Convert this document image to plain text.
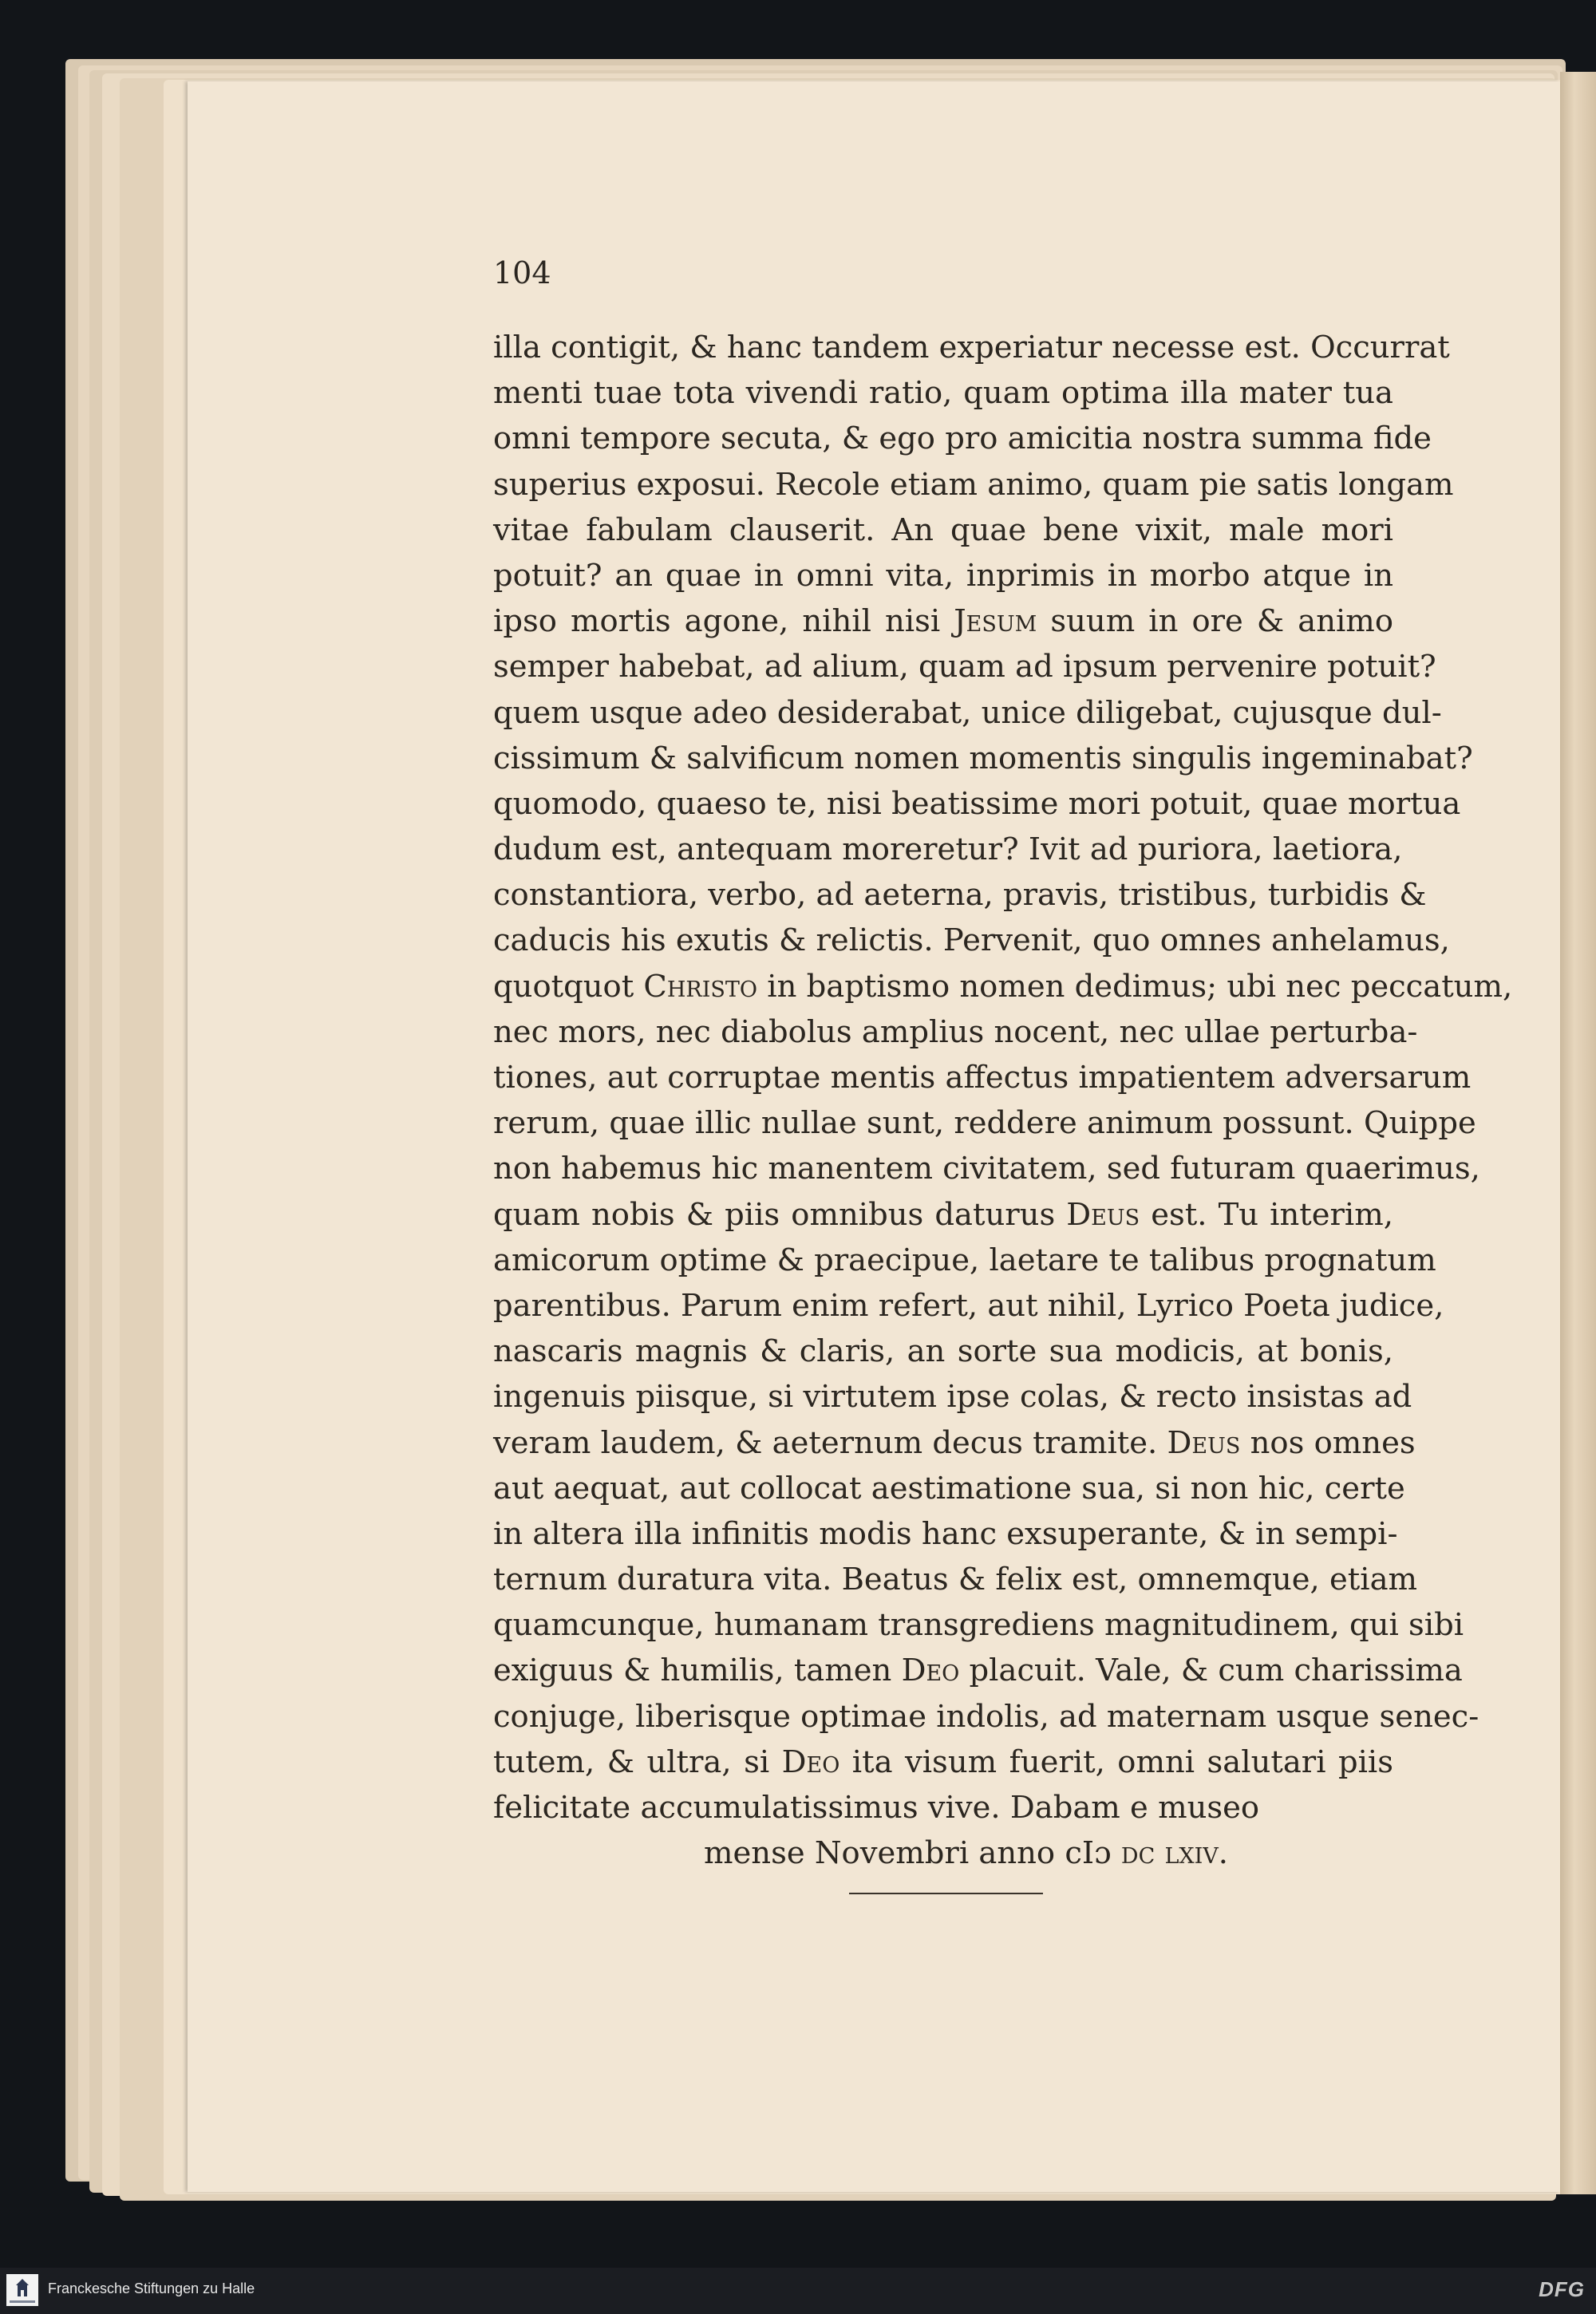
104

illa contigit, & hanc tandem experiatur necesse est. Occurrat
menti tuae tota vivendi ratio, quam optima illa mater tua
omni tempore secuta, & ego pro amicitia nostra summa fide
superius exposui. Recole etiam animo, quam pie satis longam
vitae fabulam clauserit. An quae bene vixit, male mori
potuit? an quae in omni vita, inprimis in morbo atque in
ipso mortis agone, nihil nisi Jesum suum in ore & animo
semper habebat, ad alium, quam ad ipsum pervenire potuit?
quem usque adeo desiderabat, unice diligebat, cujusque dul-
cissimum & salvificum nomen momentis singulis ingeminabat?
quomodo, quaeso te, nisi beatissime mori potuit, quae mortua
dudum est, antequam moreretur? Ivit ad puriora, laetiora,
constantiora, verbo, ad aeterna, pravis, tristibus, turbidis &
caducis his exutis & relictis. Pervenit, quo omnes anhelamus,
quotquot Christo in baptismo nomen dedimus; ubi nec peccatum,
nec mors, nec diabolus amplius nocent, nec ullae perturba-
tiones, aut corruptae mentis affectus impatientem adversarum
rerum, quae illic nullae sunt, reddere animum possunt. Quippe
non habemus hic manentem civitatem, sed futuram quaerimus,
quam nobis & piis omnibus daturus Deus est. Tu interim,
amicorum optime & praecipue, laetare te talibus prognatum
parentibus. Parum enim refert, aut nihil, Lyrico Poeta judice,
nascaris magnis & claris, an sorte sua modicis, at bonis,
ingenuis piisque, si virtutem ipse colas, & recto insistas ad
veram laudem, & aeternum decus tramite. Deus nos omnes
aut aequat, aut collocat aestimatione sua, si non hic, certe
in altera illa infinitis modis hanc exsuperante, & in sempi-
ternum duratura vita. Beatus & felix est, omnemque, etiam
quamcunque, humanam transgrediens magnitudinem, qui sibi
exiguus & humilis, tamen Deo placuit. Vale, & cum charissima
conjuge, liberisque optimae indolis, ad maternam usque senec-
tutem, & ultra, si Deo ita visum fuerit, omni salutari piis
felicitate accumulatissimus vive. Dabam e museo
mense Novembri anno cIɔ dc lxiv.
Franckesche Stiftungen zu Halle	DFG
